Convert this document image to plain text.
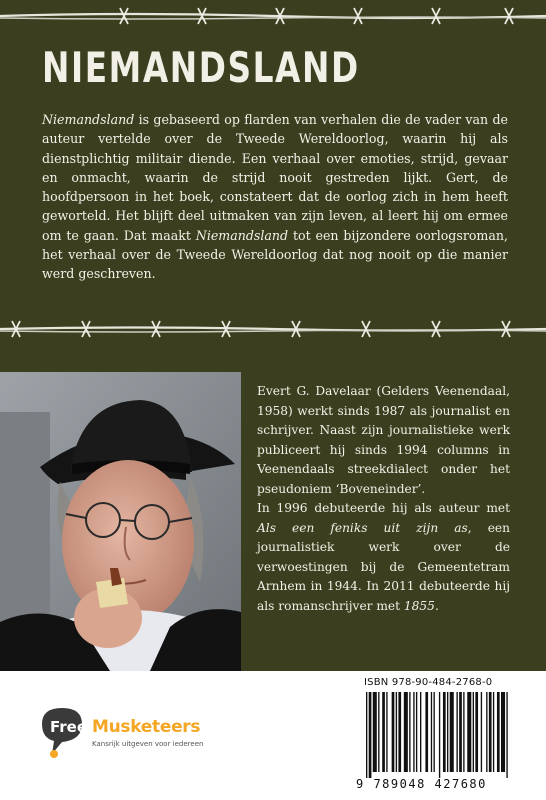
NIEMANDSLAND
Niemandsland is gebaseerd op flarden van verhalen die de vader van de auteur vertelde over de Tweede Wereldoorlog, waarin hij als dienstplichtig militair diende. Een verhaal over emoties, strijd, gevaar en onmacht, waarin de strijd nooit gestreden lijkt. Gert, de hoofdpersoon in het boek, constateert dat de oorlog zich in hem heeft geworteld. Het blijft deel uitmaken van zijn leven, al leert hij om ermee om te gaan. Dat maakt Niemandsland tot een bijzondere oorlogsroman, het verhaal over de Tweede Wereldoorlog dat nog nooit op die manier werd geschreven.

Evert G. Davelaar (Gelders Veenendaal, 1958) werkt sinds 1987 als journalist en schrijver. Naast zijn journalistieke werk publiceert hij sinds 1994 columns in Veenendaals streekdialect onder het pseudoniem ‘Boveneinder’.

In 1996 debuteerde hij als auteur met Als een feniks uit zijn as, een journalistiek werk over de verwoestingen bij de Gemeentetram Arnhem in 1944. In 2011 debuteerde hij als romanschrijver met 1855.

Free Musketeers
Kansrijk uitgeven voor iedereen
ISBN 978-90-484-2768-0
9 789048 427680
